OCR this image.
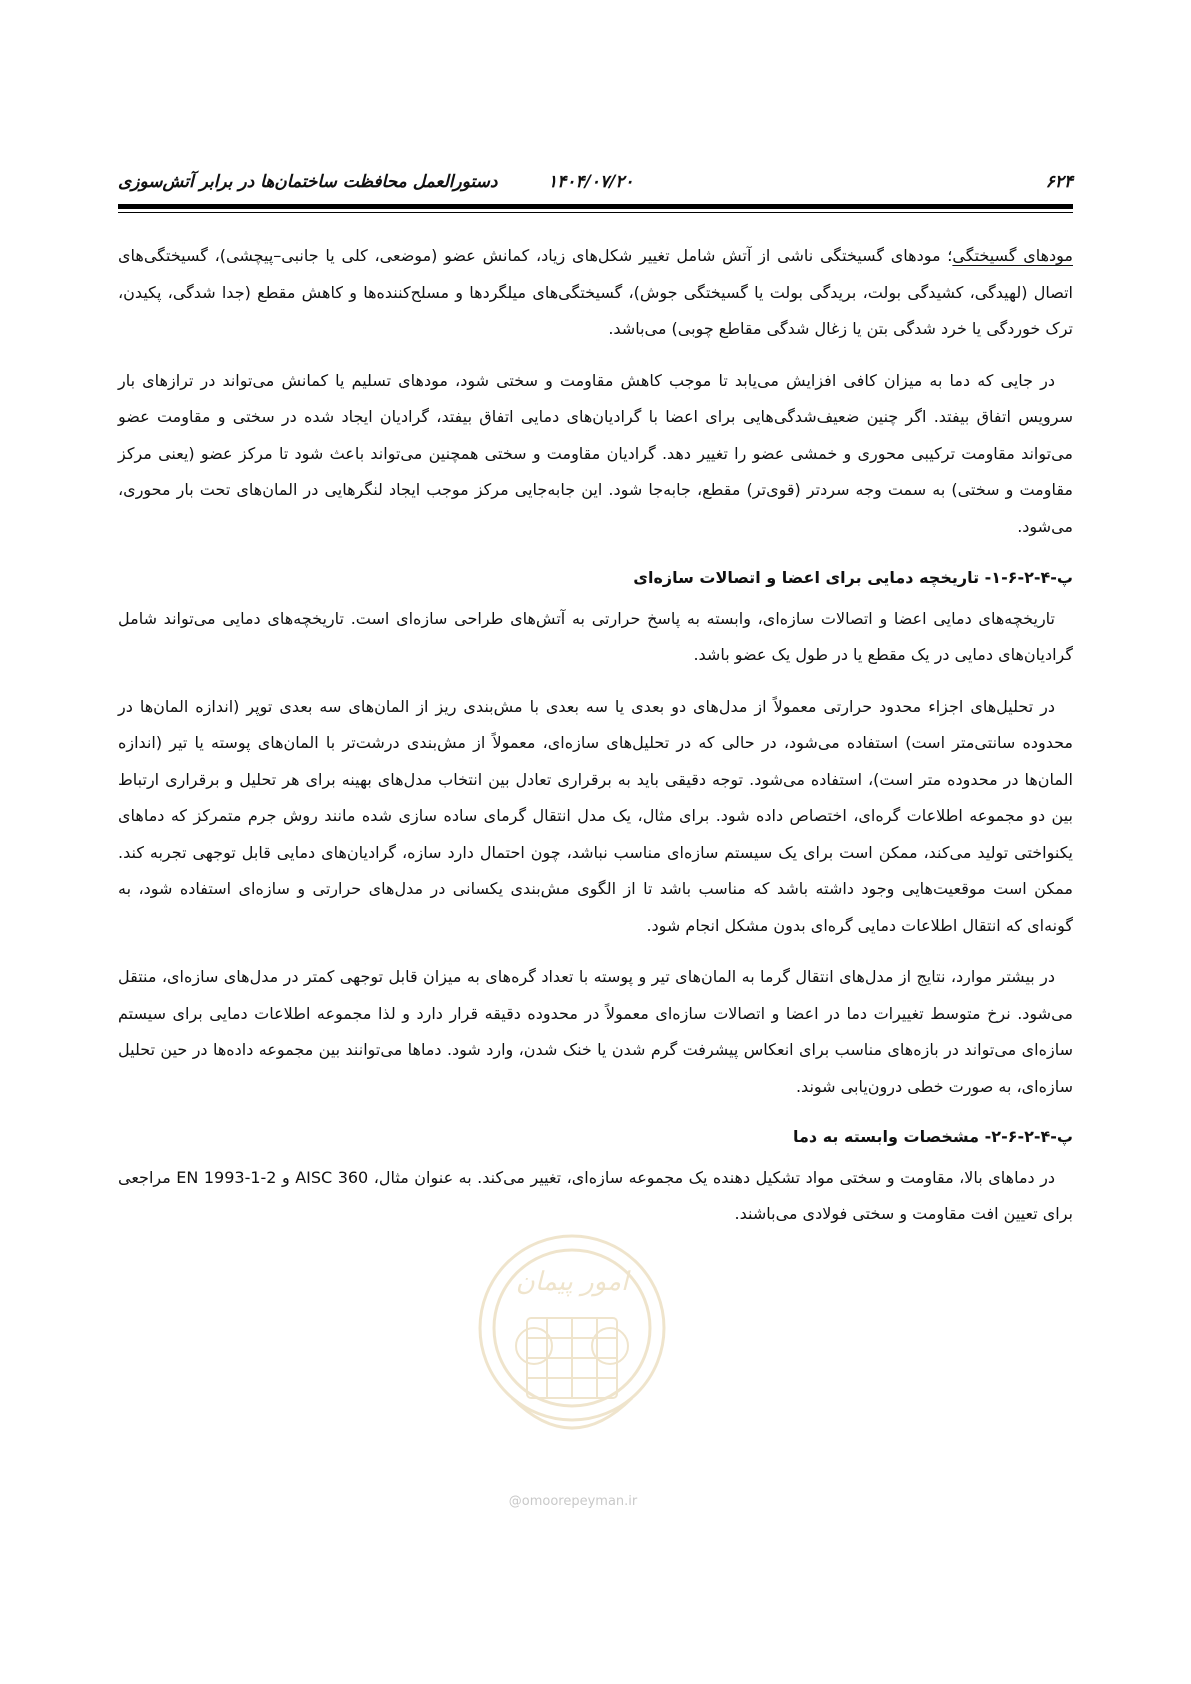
۶۲۴
۱۴۰۴/۰۷/۲۰
دستورالعمل محافظت ساختمان‌ها در برابر آتش‌سوزی

مودهای گسیختگی؛ مودهای گسیختگی ناشی از آتش شامل تغییر شکل‌های زیاد، کمانش عضو (موضعی، کلی یا جانبی–پیچشی)، گسیختگی‌های اتصال (لهیدگی، کشیدگی بولت، بریدگی بولت یا گسیختگی جوش)، گسیختگی‌های میلگردها و مسلح‌کننده‌ها و کاهش مقطع (جدا شدگی، پکیدن، ترک خوردگی یا خرد شدگی بتن یا زغال شدگی مقاطع چوبی) می‌باشد.

در جایی که دما به میزان کافی افزایش می‌یابد تا موجب کاهش مقاومت و سختی شود، مودهای تسلیم یا کمانش می‌تواند در ترازهای بار سرویس اتفاق بیفتد. اگر چنین ضعیف‌شدگی‌هایی برای اعضا با گرادیان‌های دمایی اتفاق بیفتد، گرادیان ایجاد شده در سختی و مقاومت عضو می‌تواند مقاومت ترکیبی محوری و خمشی عضو را تغییر دهد. گرادیان مقاومت و سختی همچنین می‌تواند باعث شود تا مرکز عضو (یعنی مرکز مقاومت و سختی) به سمت وجه سردتر (قوی‌تر) مقطع، جابه‌جا شود. این جابه‌جایی مرکز موجب ایجاد لنگرهایی در المان‌های تحت بار محوری، می‌شود.

پ-۴-۲-۶-۱- تاریخچه دمایی برای اعضا و اتصالات سازه‌ای

تاریخچه‌های دمایی اعضا و اتصالات سازه‌ای، وابسته به پاسخ حرارتی به آتش‌های طراحی سازه‌ای است. تاریخچه‌های دمایی می‌تواند شامل گرادیان‌های دمایی در یک مقطع یا در طول یک عضو باشد.

در تحلیل‌های اجزاء محدود حرارتی معمولاً از مدل‌های دو بعدی یا سه بعدی با مش‌بندی ریز از المان‌های سه بعدی توپر (اندازه المان‌ها در محدوده سانتی‌متر است) استفاده می‌شود، در حالی که در تحلیل‌های سازه‌ای، معمولاً از مش‌بندی درشت‌تر با المان‌های پوسته یا تیر (اندازه المان‌ها در محدوده متر است)، استفاده می‌شود. توجه دقیقی باید به برقراری تعادل بین انتخاب مدل‌های بهینه برای هر تحلیل و برقراری ارتباط بین دو مجموعه اطلاعات گره‌ای، اختصاص داده شود. برای مثال، یک مدل انتقال گرمای ساده سازی شده مانند روش جرم متمرکز که دماهای یکنواختی تولید می‌کند، ممکن است برای یک سیستم سازه‌ای مناسب نباشد، چون احتمال دارد سازه، گرادیان‌های دمایی قابل توجهی تجربه کند. ممکن است موقعیت‌هایی وجود داشته باشد که مناسب باشد تا از الگوی مش‌بندی یکسانی در مدل‌های حرارتی و سازه‌ای استفاده شود، به گونه‌ای که انتقال اطلاعات دمایی گره‌ای بدون مشکل انجام شود.

در بیشتر موارد، نتایج از مدل‌های انتقال گرما به المان‌های تیر و پوسته با تعداد گره‌های به میزان قابل توجهی کمتر در مدل‌های سازه‌ای، منتقل می‌شود. نرخ متوسط تغییرات دما در اعضا و اتصالات سازه‌ای معمولاً در محدوده دقیقه قرار دارد و لذا مجموعه اطلاعات دمایی برای سیستم سازه‌ای می‌تواند در بازه‌های مناسب برای انعکاس پیشرفت گرم شدن یا خنک شدن، وارد شود. دماها می‌توانند بین مجموعه داده‌ها در حین تحلیل سازه‌ای، به صورت خطی درون‌یابی شوند.

پ-۴-۲-۶-۲- مشخصات وابسته به دما

در دماهای بالا، مقاومت و سختی مواد تشکیل دهنده یک مجموعه سازه‌ای، تغییر می‌کند. به عنوان مثال، AISC 360 و EN 1993-1-2 مراجعی برای تعیین افت مقاومت و سختی فولادی می‌باشند.

امور پیمان
@omoorepeyman.ir
